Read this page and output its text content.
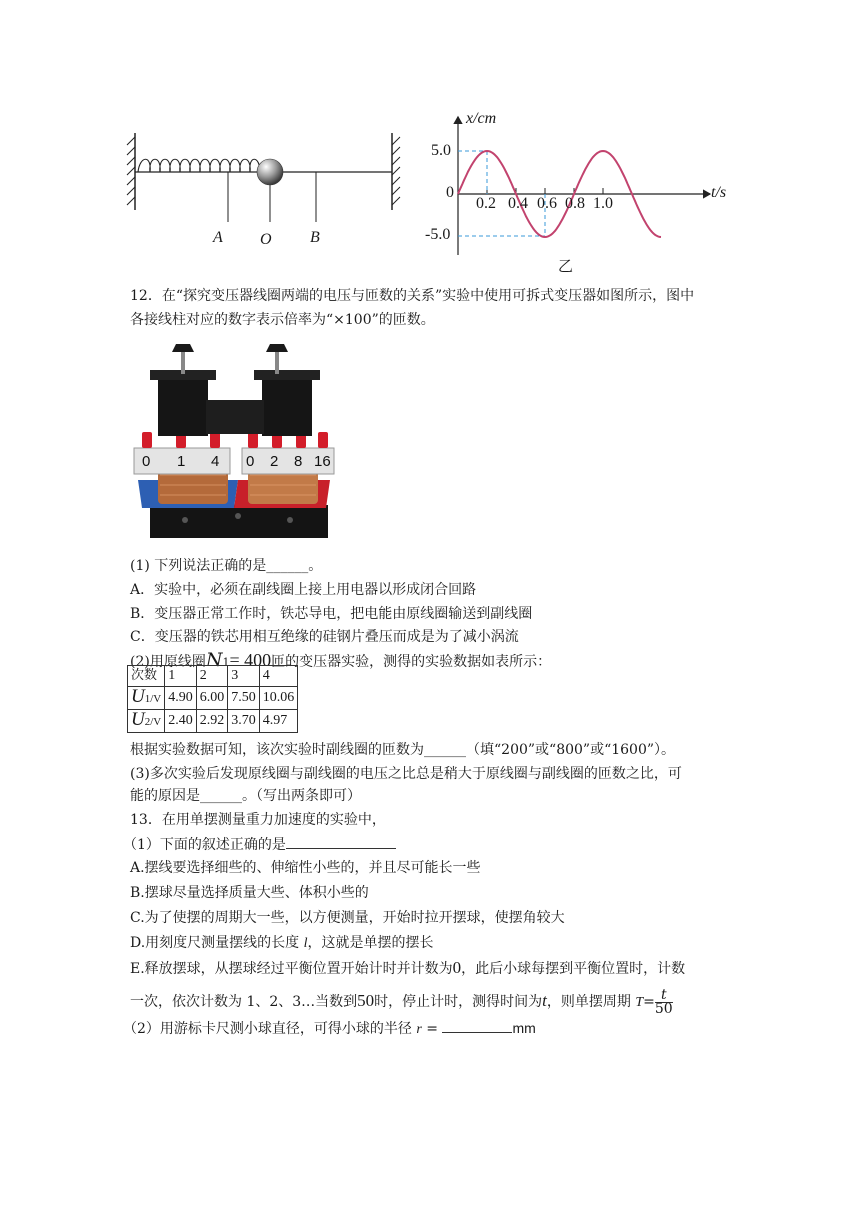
A O B
x/cm
t/s
5.0
0
-5.0
0.2 0.4 0.6 0.8 1.0
乙
12．在“探究变压器线圈两端的电压与匝数的关系”实验中使用可拆式变压器如图所示，图中
各接线柱对应的数字表示倍率为“×100”的匝数。
0 1 4 0 2 8 16
(1) 下列说法正确的是______。
A．实验中，必须在副线圈上接上用电器以形成闭合回路
B．变压器正常工作时，铁芯导电，把电能由原线圈输送到副线圈
C．变压器的铁芯用相互绝缘的硅钢片叠压而成是为了减小涡流
(2)用原线圈N1= 400匝的变压器实验，测得的实验数据如表所示：
次数	1	2	3	4
U1/V	4.90	6.00	7.50	10.06
U2/V	2.40	2.92	3.70	4.97
根据实验数据可知，该次实验时副线圈的匝数为______（填“200”或“800”或“1600”）。
(3)多次实验后发现原线圈与副线圈的电压之比总是稍大于原线圈与副线圈的匝数之比，可
能的原因是______。（写出两条即可）
13．在用单摆测量重力加速度的实验中，
（1）下面的叙述正确的是
A.摆线要选择细些的、伸缩性小些的，并且尽可能长一些
B.摆球尽量选择质量大些、体积小些的
C.为了使摆的周期大一些，以方便测量，开始时拉开摆球，使摆角较大
D.用刻度尺测量摆线的长度 l，这就是单摆的摆长
E.释放摆球，从摆球经过平衡位置开始计时并计数为0，此后小球每摆到平衡位置时，计数
一次，依次计数为 1、2、3…当数到50时，停止计时，测得时间为t，则单摆周期 $T= \frac{t}{50}$
（2）用游标卡尺测小球直径，可得小球的半径 r =	mm
